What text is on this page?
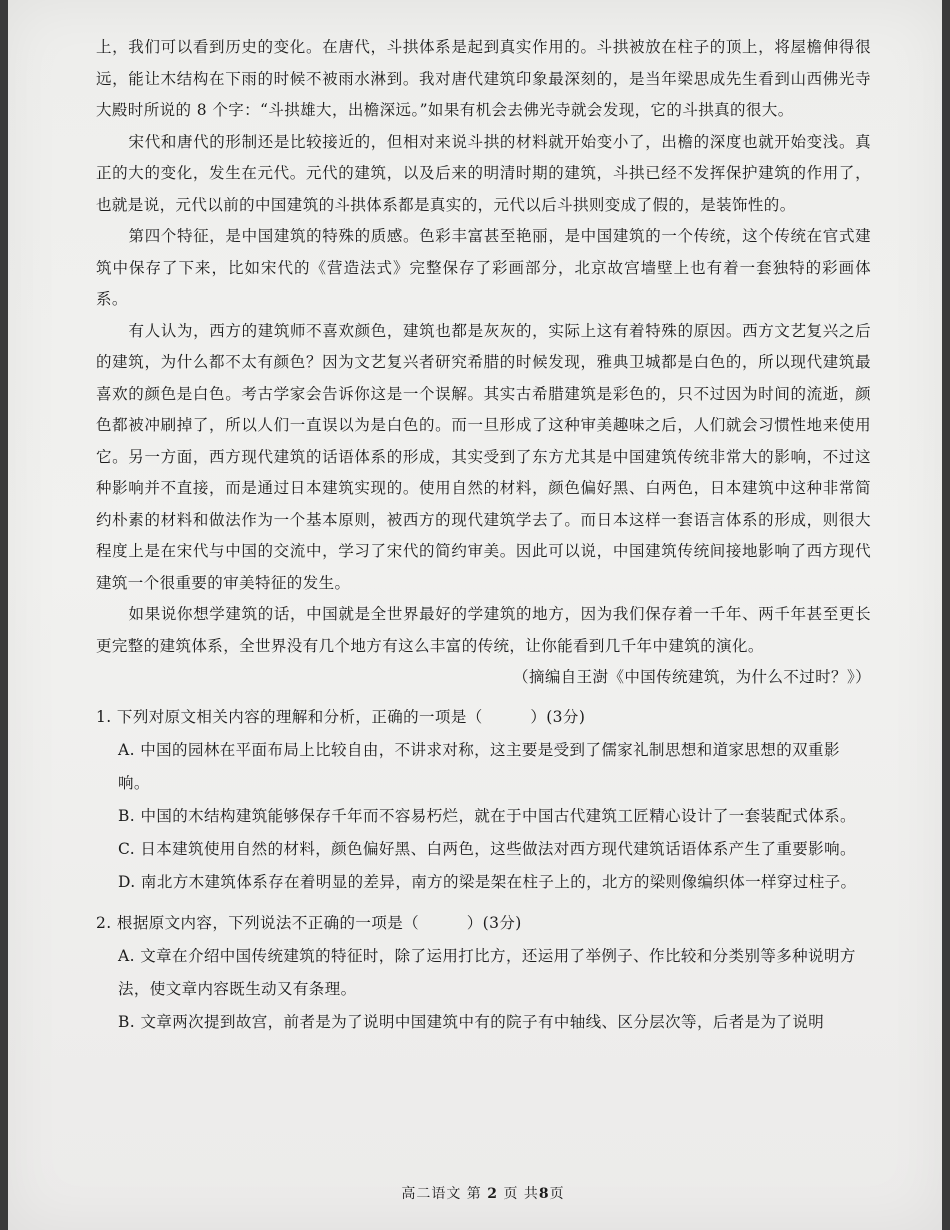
上，我们可以看到历史的变化。在唐代，斗拱体系是起到真实作用的。斗拱被放在柱子的顶上，将屋檐伸得很远，能让木结构在下雨的时候不被雨水淋到。我对唐代建筑印象最深刻的，是当年梁思成先生看到山西佛光寺大殿时所说的 8 个字：“斗拱雄大，出檐深远。”如果有机会去佛光寺就会发现，它的斗拱真的很大。

宋代和唐代的形制还是比较接近的，但相对来说斗拱的材料就开始变小了，出檐的深度也就开始变浅。真正的大的变化，发生在元代。元代的建筑，以及后来的明清时期的建筑，斗拱已经不发挥保护建筑的作用了，也就是说，元代以前的中国建筑的斗拱体系都是真实的，元代以后斗拱则变成了假的，是装饰性的。

第四个特征，是中国建筑的特殊的质感。色彩丰富甚至艳丽，是中国建筑的一个传统，这个传统在官式建筑中保存了下来，比如宋代的《营造法式》完整保存了彩画部分，北京故宫墙壁上也有着一套独特的彩画体系。

有人认为，西方的建筑师不喜欢颜色，建筑也都是灰灰的，实际上这有着特殊的原因。西方文艺复兴之后的建筑，为什么都不太有颜色？因为文艺复兴者研究希腊的时候发现，雅典卫城都是白色的，所以现代建筑最喜欢的颜色是白色。考古学家会告诉你这是一个误解。其实古希腊建筑是彩色的，只不过因为时间的流逝，颜色都被冲刷掉了，所以人们一直误以为是白色的。而一旦形成了这种审美趣味之后，人们就会习惯性地来使用它。另一方面，西方现代建筑的话语体系的形成，其实受到了东方尤其是中国建筑传统非常大的影响，不过这种影响并不直接，而是通过日本建筑实现的。使用自然的材料，颜色偏好黑、白两色，日本建筑中这种非常简约朴素的材料和做法作为一个基本原则，被西方的现代建筑学去了。而日本这样一套语言体系的形成，则很大程度上是在宋代与中国的交流中，学习了宋代的简约审美。因此可以说，中国建筑传统间接地影响了西方现代建筑一个很重要的审美特征的发生。

如果说你想学建筑的话，中国就是全世界最好的学建筑的地方，因为我们保存着一千年、两千年甚至更长更完整的建筑体系，全世界没有几个地方有这么丰富的传统，让你能看到几千年中建筑的演化。

（摘编自王澍《中国传统建筑，为什么不过时？》）

1. 下列对原文相关内容的理解和分析，正确的一项是（　　　）(3分)

A. 中国的园林在平面布局上比较自由，不讲求对称，这主要是受到了儒家礼制思想和道家思想的双重影响。

B. 中国的木结构建筑能够保存千年而不容易朽烂，就在于中国古代建筑工匠精心设计了一套装配式体系。

C. 日本建筑使用自然的材料，颜色偏好黑、白两色，这些做法对西方现代建筑话语体系产生了重要影响。

D. 南北方木建筑体系存在着明显的差异，南方的梁是架在柱子上的，北方的梁则像编织体一样穿过柱子。

2. 根据原文内容，下列说法不正确的一项是（　　　）(3分)

A. 文章在介绍中国传统建筑的特征时，除了运用打比方，还运用了举例子、作比较和分类别等多种说明方法，使文章内容既生动又有条理。

B. 文章两次提到故宫，前者是为了说明中国建筑中有的院子有中轴线、区分层次等，后者是为了说明

高二语文 第 2 页 共8页
